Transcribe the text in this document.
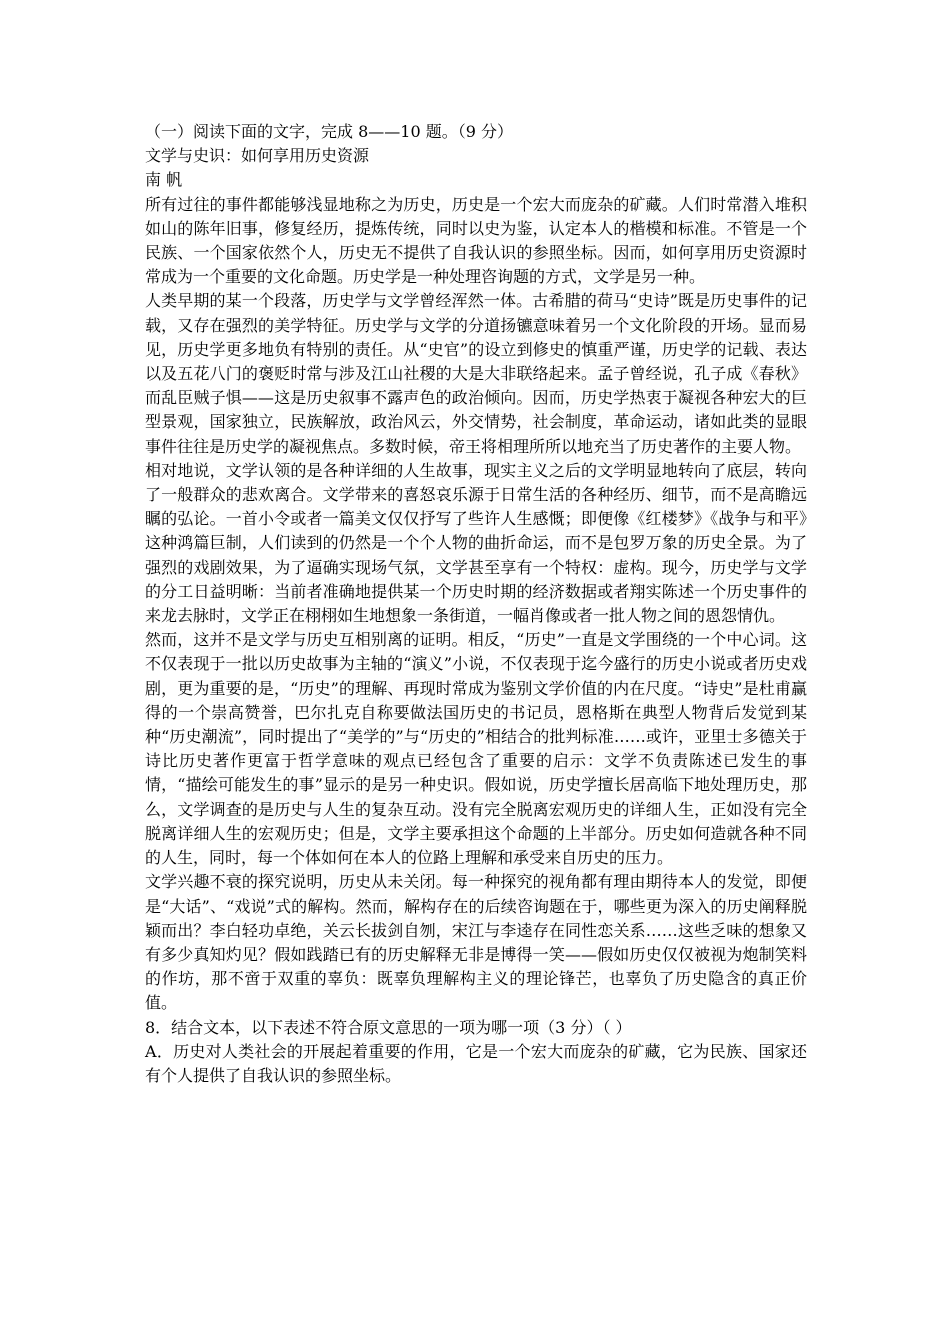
（一）阅读下面的文字，完成 8——10 题。（9 分）

文学与史识：如何享用历史资源

南 帆

所有过往的事件都能够浅显地称之为历史，历史是一个宏大而庞杂的矿藏。人们时常潜入堆积如山的陈年旧事，修复经历，提炼传统，同时以史为鉴，认定本人的楷模和标准。不管是一个民族、一个国家依然个人，历史无不提供了自我认识的参照坐标。因而，如何享用历史资源时常成为一个重要的文化命题。历史学是一种处理咨询题的方式，文学是另一种。

人类早期的某一个段落，历史学与文学曾经浑然一体。古希腊的荷马“史诗”既是历史事件的记载，又存在强烈的美学特征。历史学与文学的分道扬镳意味着另一个文化阶段的开场。显而易见，历史学更多地负有特别的责任。从“史官”的设立到修史的慎重严谨，历史学的记载、表达以及五花八门的褒贬时常与涉及江山社稷的大是大非联络起来。孟子曾经说，孔子成《春秋》而乱臣贼子惧——这是历史叙事不露声色的政治倾向。因而，历史学热衷于凝视各种宏大的巨型景观，国家独立，民族解放，政治风云，外交情势，社会制度，革命运动，诸如此类的显眼事件往往是历史学的凝视焦点。多数时候，帝王将相理所所以地充当了历史著作的主要人物。

相对地说，文学认领的是各种详细的人生故事，现实主义之后的文学明显地转向了底层，转向了一般群众的悲欢离合。文学带来的喜怒哀乐源于日常生活的各种经历、细节，而不是高瞻远瞩的弘论。一首小令或者一篇美文仅仅抒写了些许人生感慨；即便像《红楼梦》《战争与和平》这种鸿篇巨制，人们读到的仍然是一个个人物的曲折命运，而不是包罗万象的历史全景。为了强烈的戏剧效果，为了逼确实现场气氛，文学甚至享有一个特权：虚构。现今，历史学与文学的分工日益明晰：当前者准确地提供某一个历史时期的经济数据或者翔实陈述一个历史事件的来龙去脉时，文学正在栩栩如生地想象一条街道，一幅肖像或者一批人物之间的恩怨情仇。

然而，这并不是文学与历史互相别离的证明。相反，“历史”一直是文学围绕的一个中心词。这不仅表现于一批以历史故事为主轴的“演义”小说，不仅表现于迄今盛行的历史小说或者历史戏剧，更为重要的是，“历史”的理解、再现时常成为鉴别文学价值的内在尺度。“诗史”是杜甫赢得的一个崇高赞誉，巴尔扎克自称要做法国历史的书记员，恩格斯在典型人物背后发觉到某种“历史潮流”，同时提出了“美学的”与“历史的”相结合的批判标准……或许，亚里士多德关于诗比历史著作更富于哲学意味的观点已经包含了重要的启示：文学不负责陈述已发生的事情，“描绘可能发生的事”显示的是另一种史识。假如说，历史学擅长居高临下地处理历史，那么，文学调查的是历史与人生的复杂互动。没有完全脱离宏观历史的详细人生，正如没有完全脱离详细人生的宏观历史；但是，文学主要承担这个命题的上半部分。历史如何造就各种不同的人生，同时，每一个体如何在本人的位路上理解和承受来自历史的压力。

文学兴趣不衰的探究说明，历史从未关闭。每一种探究的视角都有理由期待本人的发觉，即便是“大话”、“戏说”式的解构。然而，解构存在的后续咨询题在于，哪些更为深入的历史阐释脱颖而出？李白轻功卓绝，关云长拔剑自刎，宋江与李逵存在同性恋关系……这些乏味的想象又有多少真知灼见？假如践踏已有的历史解释无非是博得一笑——假如历史仅仅被视为炮制笑料的作坊，那不啻于双重的辜负：既辜负理解构主义的理论锋芒，也辜负了历史隐含的真正价值。

8．结合文本，以下表述不符合原文意思的一项为哪一项（3 分）（ ）

A．历史对人类社会的开展起着重要的作用，它是一个宏大而庞杂的矿藏，它为民族、国家还有个人提供了自我认识的参照坐标。
